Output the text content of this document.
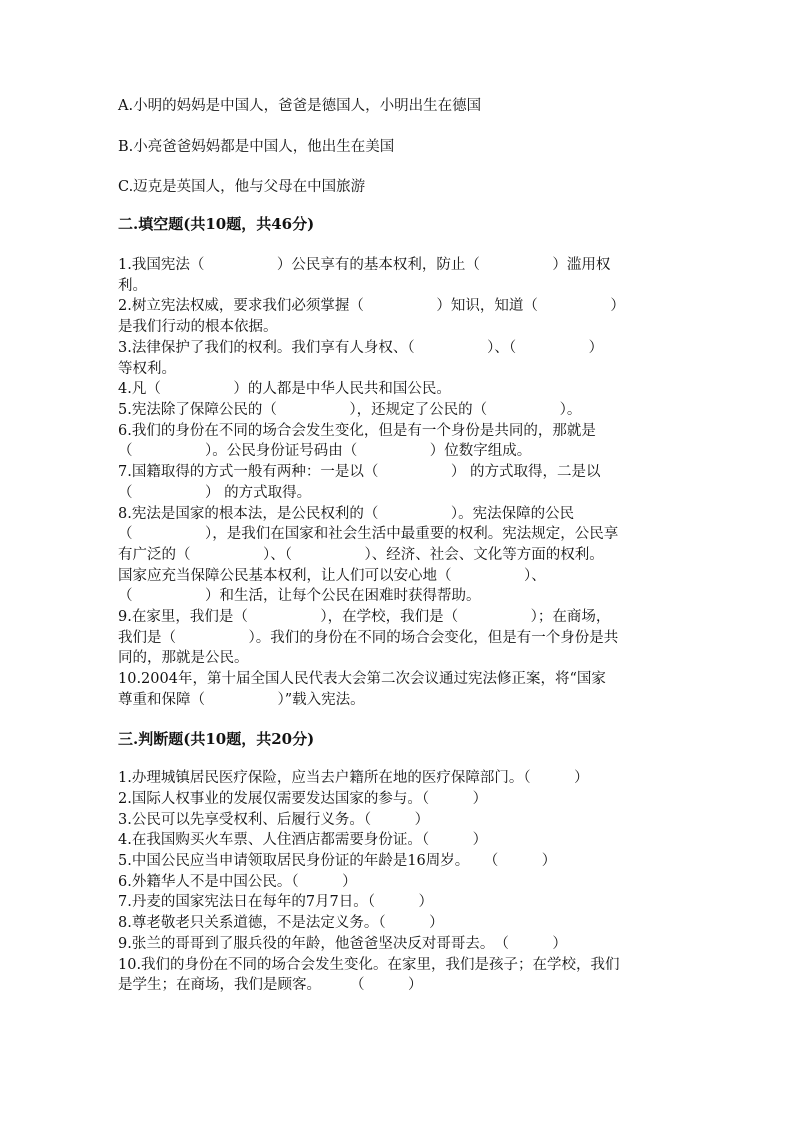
A.小明的妈妈是中国人，爸爸是德国人，小明出生在德国
B.小亮爸爸妈妈都是中国人，他出生在美国
C.迈克是英国人，他与父母在中国旅游
二.填空题(共10题，共46分)
1.我国宪法（　　　　　）公民享有的基本权利，防止（　　　　　）滥用权
利。
2.树立宪法权威，要求我们必须掌握（　　　　　）知识，知道（　　　　　）
是我们行动的根本依据。
3.法律保护了我们的权利。我们享有人身权、（　　　　　）、（　　　　　）
等权利。
4.凡（　　　　　）的人都是中华人民共和国公民。
5.宪法除了保障公民的（　　　　　），还规定了公民的（　　　　　）。
6.我们的身份在不同的场合会发生变化，但是有一个身份是共同的，那就是
（　　　　　）。公民身份证号码由（　　　　　）位数字组成。
7.国籍取得的方式一般有两种：一是以（　　　　　） 的方式取得，二是以
（　　　　　） 的方式取得。
8.宪法是国家的根本法，是公民权利的（　　　　　）。宪法保障的公民
（　　　　　），是我们在国家和社会生活中最重要的权利。宪法规定，公民享
有广泛的（　　　　　）、（　　　　　）、经济、社会、文化等方面的权利。
国家应充当保障公民基本权利，让人们可以安心地（　　　　　）、
（　　　　　）和生活，让每个公民在困难时获得帮助。
9.在家里，我们是（　　　　　），在学校，我们是（　　　　　）；在商场，
我们是（　　　　　）。我们的身份在不同的场合会变化，但是有一个身份是共
同的，那就是公民。
10.2004年，第十届全国人民代表大会第二次会议通过宪法修正案，将“国家
尊重和保障（　　　　　）”载入宪法。
三.判断题(共10题，共20分)
1.办理城镇居民医疗保险，应当去户籍所在地的医疗保障部门。（　　　）
2.国际人权事业的发展仅需要发达国家的参与。（　　　）
3.公民可以先享受权利、后履行义务。（　　　）
4.在我国购买火车票、人住酒店都需要身份证。（　　　）
5.中国公民应当申请领取居民身份证的年龄是16周岁。　　（　　　）
6.外籍华人不是中国公民。（　　　）
7.丹麦的国家宪法日在每年的7月7日。（　　　）
8.尊老敬老只关系道德，不是法定义务。（　　　）
9.张兰的哥哥到了服兵役的年龄，他爸爸坚决反对哥哥去。　（　　　）
10.我们的身份在不同的场合会发生变化。在家里，我们是孩子；在学校，我们
是学生；在商场，我们是顾客。　　　（　　　）
